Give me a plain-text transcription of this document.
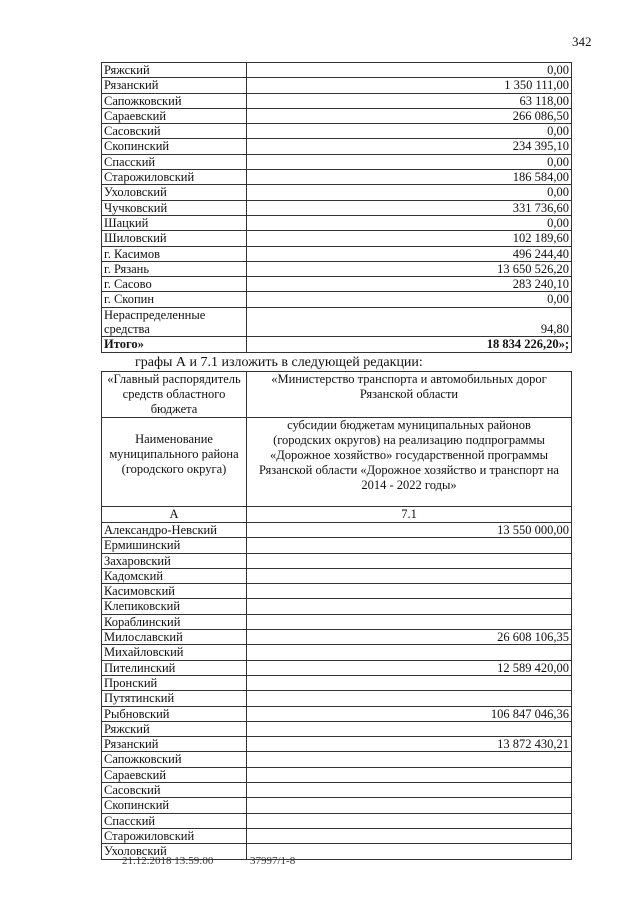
342
Ряжский	0,00
Рязанский	1 350 111,00
Сапожковский	63 118,00
Сараевский	266 086,50
Сасовский	0,00
Скопинский	234 395,10
Спасский	0,00
Старожиловский	186 584,00
Ухоловский	0,00
Чучковский	331 736,60
Шацкий	0,00
Шиловский	102 189,60
г. Касимов	496 244,40
г. Рязань	13 650 526,20
г. Сасово	283 240,10
г. Скопин	0,00
Нераспределенные
средства	94,80
Итого»	18 834 226,20»;
графы А и 7.1 изложить в следующей редакции:
«Главный распорядитель средств областного бюджета	«Министерство транспорта и автомобильных дорог Рязанской области
Наименование муниципального района (городского округа)	субсидии бюджетам муниципальных районов (городских округов) на реализацию подпрограммы «Дорожное хозяйство» государственной программы Рязанской области «Дорожное хозяйство и транспорт на 2014 - 2022 годы»
А	7.1
Александро-Невский	13 550 000,00
Ермишинский	
Захаровский	
Кадомский	
Касимовский	
Клепиковский	
Кораблинский	
Милославский	26 608 106,35
Михайловский	
Пителинский	12 589 420,00
Пронский	
Путятинский	
Рыбновский	106 847 046,36
Ряжский	
Рязанский	13 872 430,21
Сапожковский	
Сараевский	
Сасовский	
Скопинский	
Спасский	
Старожиловский	
Ухоловский	
21.12.2018 13:59:00	37997/1-8
